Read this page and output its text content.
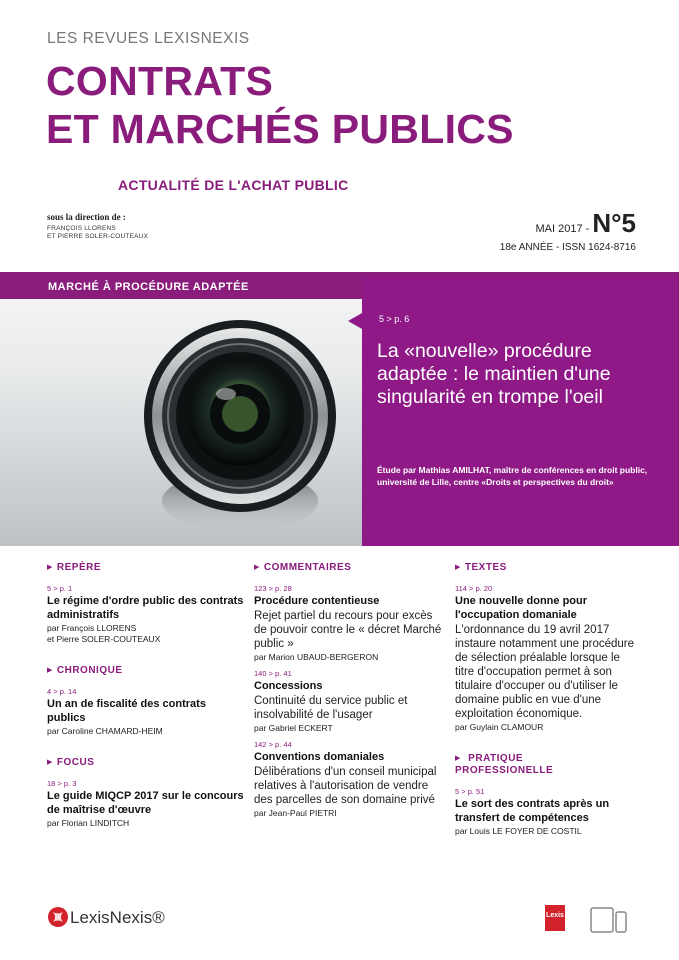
LES REVUES LEXISNEXIS
CONTRATS
ET MARCHÉS PUBLICS
ACTUALITÉ DE L'ACHAT PUBLIC
sous la direction de :
FRANÇOIS LLORENS
ET PIERRE SOLER-COUTEAUX
MAI 2017 - N°5
18e ANNÉE - ISSN 1624-8716
MARCHÉ À PROCÉDURE ADAPTÉE
5 > p. 6
La «nouvelle» procédure adaptée : le maintien d'une singularité en trompe l'oeil
Étude par Mathias AMILHAT, maître de conférences en droit public, université de Lille, centre «Droits et perspectives du droit»
▶ REPÈRE
5 > p. 1
Le régime d'ordre public des contrats administratifs
par François LLORENS
et Pierre SOLER-COUTEAUX
▶ CHRONIQUE
4 > p. 14
Un an de fiscalité des contrats publics
par Caroline CHAMARD-HEIM
▶ FOCUS
18 > p. 3
Le guide MIQCP 2017 sur le concours de maîtrise d'œuvre
par Florian LINDITCH
▶ COMMENTAIRES
123 > p. 28
Procédure contentieuse
Rejet partiel du recours pour excès de pouvoir contre le « décret Marché public »
par Marion UBAUD-BERGERON
140 > p. 41
Concessions
Continuité du service public et insolvabilité de l'usager
par Gabriel ECKERT
142 > p. 44
Conventions domaniales
Délibérations d'un conseil municipal relatives à l'autorisation de vendre des parcelles de son domaine privé
par Jean-Paul PIETRI
▶ TEXTES
114 > p. 20
Une nouvelle donne pour l'occupation domaniale
L'ordonnance du 19 avril 2017 instaure notamment une procédure de sélection préalable lorsque le titre d'occupation permet à son titulaire d'occuper ou d'utiliser le domaine public en vue d'une exploitation économique.
par Guylain CLAMOUR
▶ PRATIQUE
PROFESSIONELLE
5 > p. 51
Le sort des contrats après un transfert de compétences
par Louis LE FOYER DE COSTIL
LexisNexis®	Lexis
